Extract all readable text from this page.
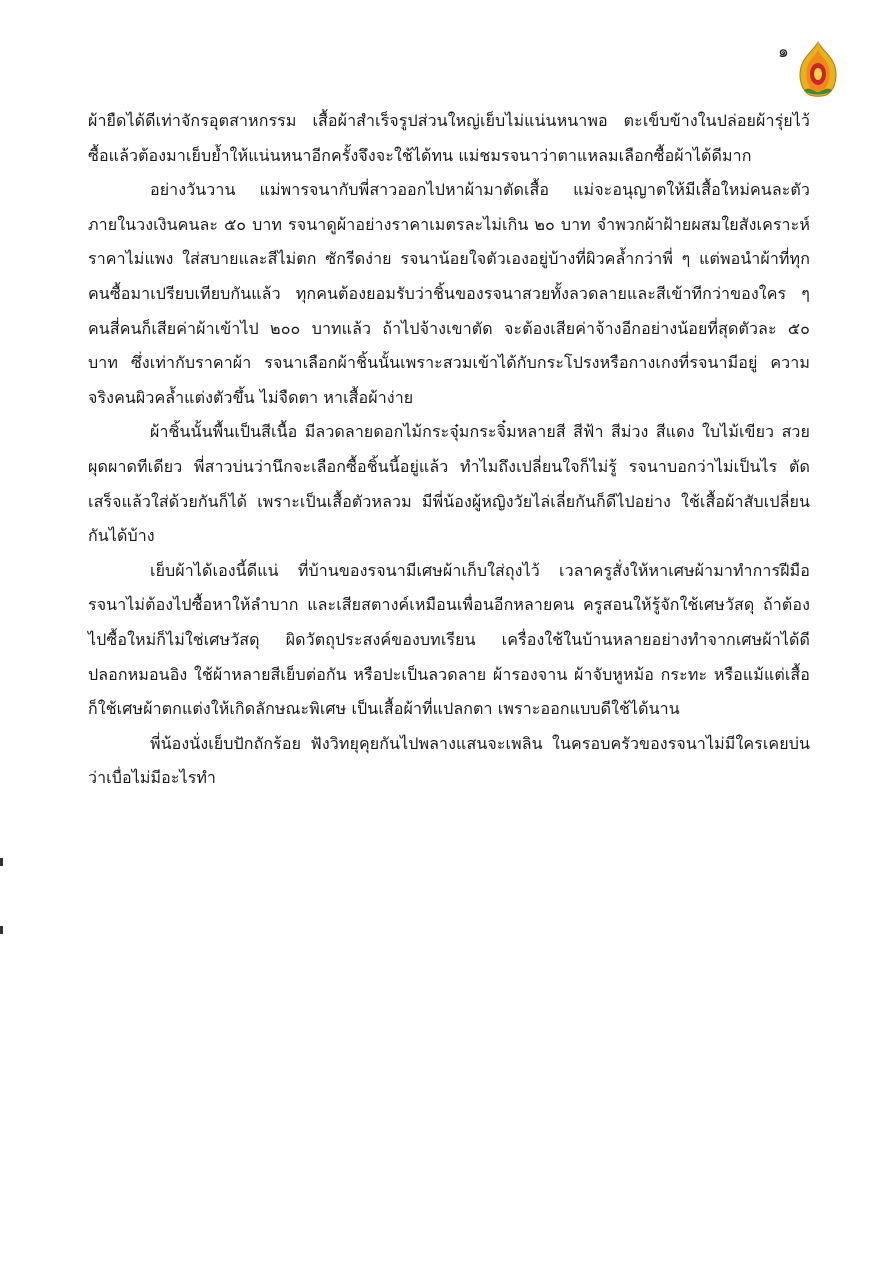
๑

ผ้ายืดได้ดีเท่าจักรอุตสาหกรรม เสื้อผ้าสำเร็จรูปส่วนใหญ่เย็บไม่แน่นหนาพอ ตะเข็บข้างในปล่อยผ้ารุ่ยไว้ ซื้อแล้วต้องมาเย็บย้ำให้แน่นหนาอีกครั้งจึงจะใช้ได้ทน แม่ชมรจนาว่าตาแหลมเลือกซื้อผ้าได้ดีมาก

อย่างวันวาน แม่พารจนากับพี่สาวออกไปหาผ้ามาตัดเสื้อ แม่จะอนุญาตให้มีเสื้อใหม่คนละตัว ภายในวงเงินคนละ ๕๐ บาท รจนาดูผ้าอย่างราคาเมตรละไม่เกิน ๒๐ บาท จำพวกผ้าฝ้ายผสมใยสังเคราะห์ ราคาไม่แพง ใส่สบายและสีไม่ตก ซักรีดง่าย รจนาน้อยใจตัวเองอยู่บ้างที่ผิวคล้ำกว่าพี่ ๆ แต่พอนำผ้าที่ทุกคนซื้อมาเปรียบเทียบกันแล้ว ทุกคนต้องยอมรับว่าชิ้นของรจนาสวยทั้งลวดลายและสีเข้าทีกว่าของใคร ๆ คนสี่คนก็เสียค่าผ้าเข้าไป ๒๐๐ บาทแล้ว ถ้าไปจ้างเขาตัด จะต้องเสียค่าจ้างอีกอย่างน้อยที่สุดตัวละ ๕๐ บาท ซึ่งเท่ากับราคาผ้า รจนาเลือกผ้าชิ้นนั้นเพราะสวมเข้าได้กับกระโปรงหรือกางเกงที่รจนามีอยู่ ความจริงคนผิวคล้ำแต่งตัวขึ้น ไม่จืดตา หาเสื้อผ้าง่าย

ผ้าชิ้นนั้นพื้นเป็นสีเนื้อ มีลวดลายดอกไม้กระจุ๋มกระจิ๋มหลายสี สีฟ้า สีม่วง สีแดง ใบไม้เขียว สวยผุดผาดทีเดียว พี่สาวบ่นว่านึกจะเลือกซื้อชิ้นนี้อยู่แล้ว ทำไมถึงเปลี่ยนใจก็ไม่รู้ รจนาบอกว่าไม่เป็นไร ตัดเสร็จแล้วใส่ด้วยกันก็ได้ เพราะเป็นเสื้อตัวหลวม มีพี่น้องผู้หญิงวัยไล่เลี่ยกันก็ดีไปอย่าง ใช้เสื้อผ้าสับเปลี่ยนกันได้บ้าง

เย็บผ้าได้เองนี้ดีแน่ ที่บ้านของรจนามีเศษผ้าเก็บใส่ถุงไว้ เวลาครูสั่งให้หาเศษผ้ามาทำการฝีมือ รจนาไม่ต้องไปซื้อหาให้ลำบาก และเสียสตางค์เหมือนเพื่อนอีกหลายคน ครูสอนให้รู้จักใช้เศษวัสดุ ถ้าต้องไปซื้อใหม่ก็ไม่ใช่เศษวัสดุ ผิดวัตถุประสงค์ของบทเรียน เครื่องใช้ในบ้านหลายอย่างทำจากเศษผ้าได้ดี ปลอกหมอนอิง ใช้ผ้าหลายสีเย็บต่อกัน หรือปะเป็นลวดลาย ผ้ารองจาน ผ้าจับหูหม้อ กระทะ หรือแม้แต่เสื้อก็ใช้เศษผ้าตกแต่งให้เกิดลักษณะพิเศษ เป็นเสื้อผ้าที่แปลกตา เพราะออกแบบดีใช้ได้นาน

พี่น้องนั่งเย็บปักถักร้อย ฟังวิทยุคุยกันไปพลางแสนจะเพลิน ในครอบครัวของรจนาไม่มีใครเคยบ่นว่าเบื่อไม่มีอะไรทำ
